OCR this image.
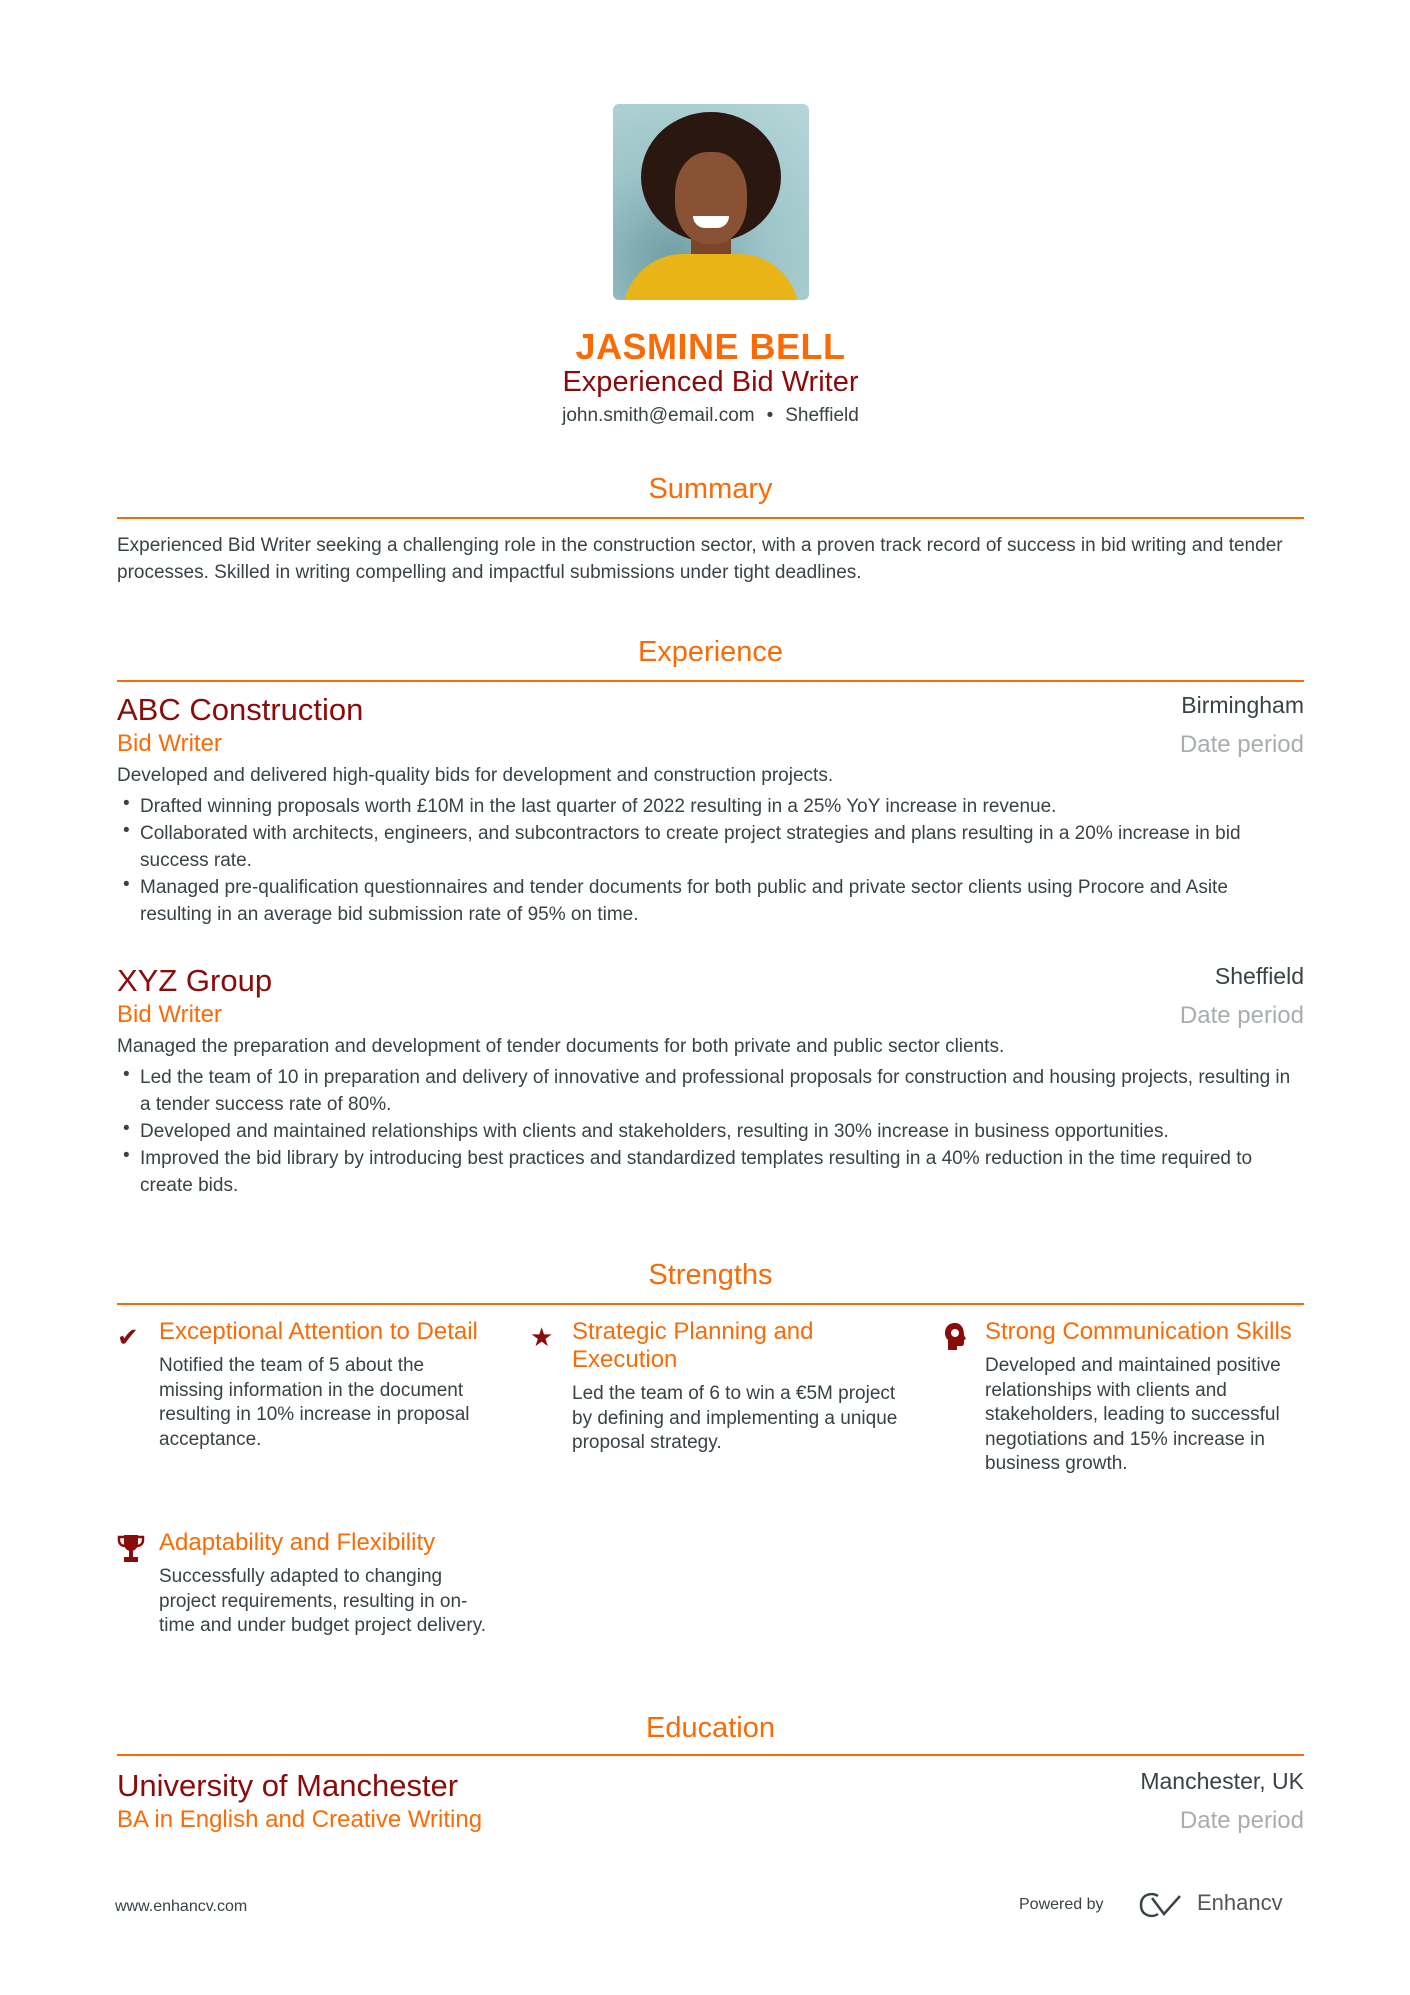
JASMINE BELL
Experienced Bid Writer
john.smith@email.com • Sheffield
Summary
Experienced Bid Writer seeking a challenging role in the construction sector, with a proven track record of success in bid writing and tender processes. Skilled in writing compelling and impactful submissions under tight deadlines.
Experience
ABC Construction	Birmingham
Bid Writer	Date period
Developed and delivered high-quality bids for development and construction projects.
• Drafted winning proposals worth £10M in the last quarter of 2022 resulting in a 25% YoY increase in revenue.
• Collaborated with architects, engineers, and subcontractors to create project strategies and plans resulting in a 20% increase in bid success rate.
• Managed pre-qualification questionnaires and tender documents for both public and private sector clients using Procore and Asite resulting in an average bid submission rate of 95% on time.
XYZ Group	Sheffield
Bid Writer	Date period
Managed the preparation and development of tender documents for both private and public sector clients.
• Led the team of 10 in preparation and delivery of innovative and professional proposals for construction and housing projects, resulting in a tender success rate of 80%.
• Developed and maintained relationships with clients and stakeholders, resulting in 30% increase in business opportunities.
• Improved the bid library by introducing best practices and standardized templates resulting in a 40% reduction in the time required to create bids.
Strengths
✔ Exceptional Attention to Detail
Notified the team of 5 about the missing information in the document resulting in 10% increase in proposal acceptance.
★ Strategic Planning and Execution
Led the team of 6 to win a €5M project by defining and implementing a unique proposal strategy.
Strong Communication Skills
Developed and maintained positive relationships with clients and stakeholders, leading to successful negotiations and 15% increase in business growth.
Adaptability and Flexibility
Successfully adapted to changing project requirements, resulting in on-time and under budget project delivery.
Education
University of Manchester	Manchester, UK
BA in English and Creative Writing	Date period
www.enhancv.com	Powered by	Enhancv
